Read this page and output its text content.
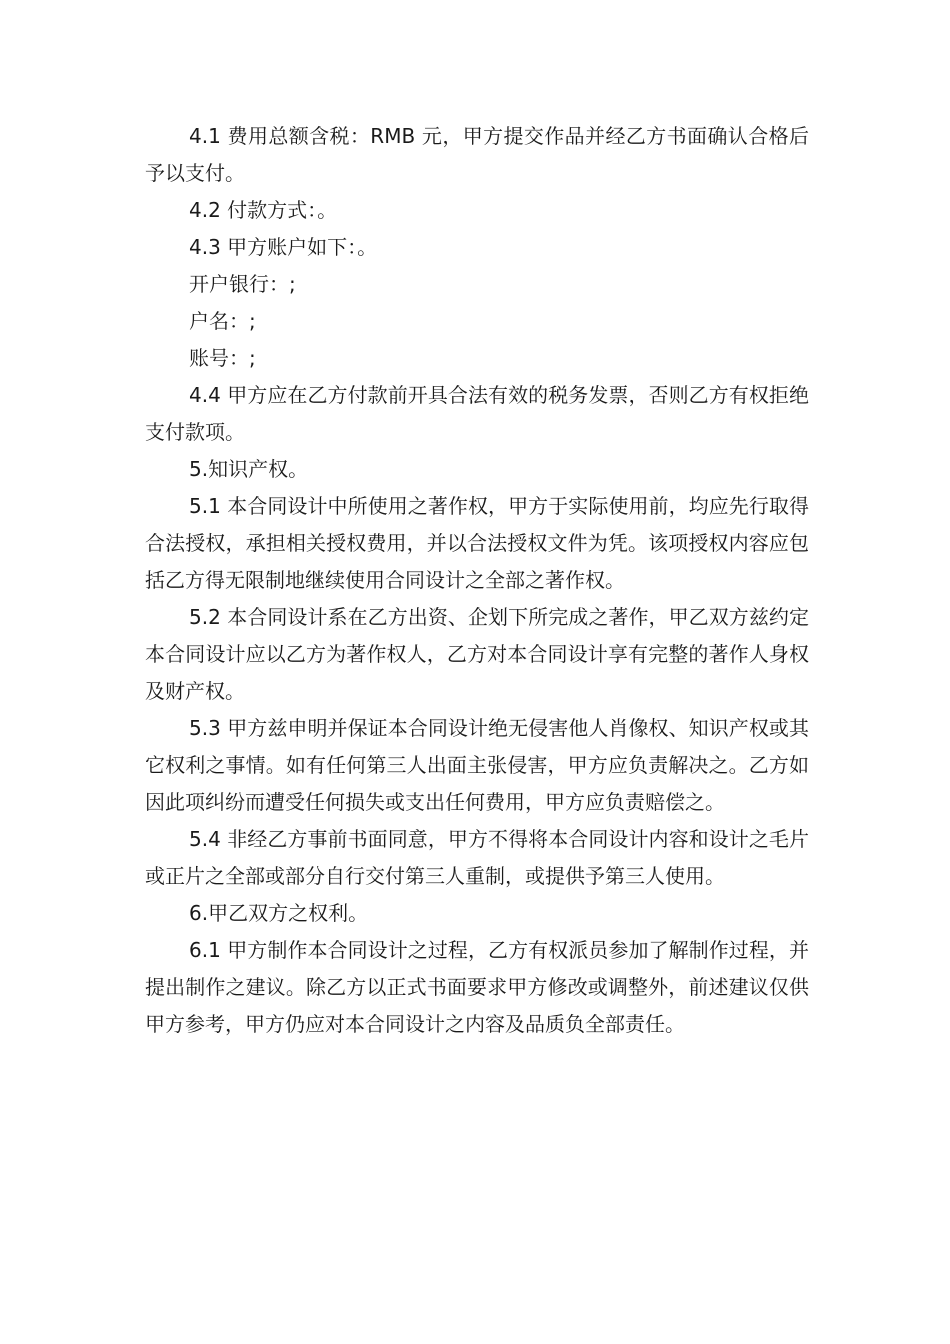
4.1 费用总额含税：RMB 元，甲方提交作品并经乙方书面确认合格后予以支付。

4.2 付款方式：。

4.3 甲方账户如下：。

开户银行：;

户名：;

账号：;

4.4 甲方应在乙方付款前开具合法有效的税务发票，否则乙方有权拒绝支付款项。

5.知识产权。

5.1 本合同设计中所使用之著作权，甲方于实际使用前，均应先行取得合法授权，承担相关授权费用，并以合法授权文件为凭。该项授权内容应包括乙方得无限制地继续使用合同设计之全部之著作权。

5.2 本合同设计系在乙方出资、企划下所完成之著作，甲乙双方兹约定本合同设计应以乙方为著作权人，乙方对本合同设计享有完整的著作人身权及财产权。

5.3 甲方兹申明并保证本合同设计绝无侵害他人肖像权、知识产权或其它权利之事情。如有任何第三人出面主张侵害，甲方应负责解决之。乙方如因此项纠纷而遭受任何损失或支出任何费用，甲方应负责赔偿之。

5.4 非经乙方事前书面同意，甲方不得将本合同设计内容和设计之毛片或正片之全部或部分自行交付第三人重制，或提供予第三人使用。

6.甲乙双方之权利。

6.1 甲方制作本合同设计之过程，乙方有权派员参加了解制作过程，并提出制作之建议。除乙方以正式书面要求甲方修改或调整外，前述建议仅供甲方参考，甲方仍应对本合同设计之内容及品质负全部责任。
